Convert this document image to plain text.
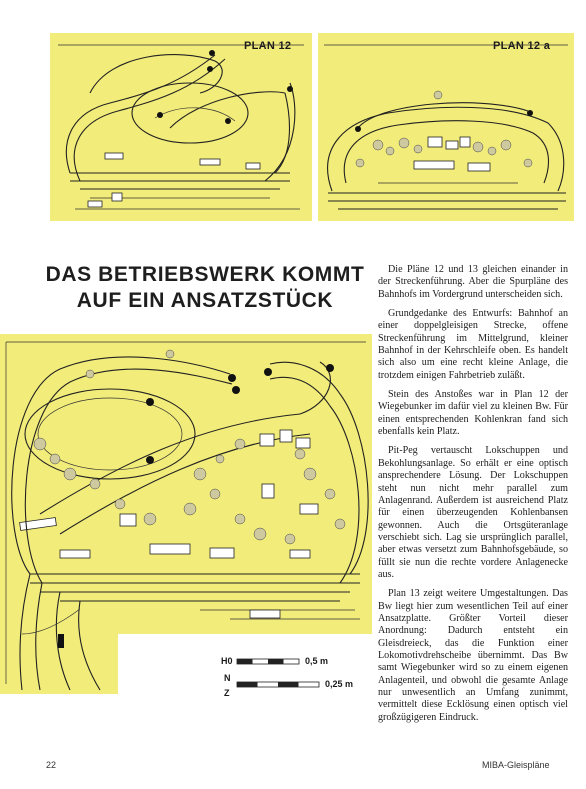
PLAN 12	PLAN 12 a
DAS BETRIEBSWERK KOMMT
AUF EIN ANSATZSTÜCK
H0	0,5 m
N
Z
0,25 m

Die Pläne 12 und 13 gleichen einander in der Streckenführung. Aber die Spurpläne des Bahnhofs im Vordergrund unterscheiden sich.

Grundgedanke des Entwurfs: Bahnhof an einer doppelgleisigen Strecke, offene Streckenführung im Mittelgrund, kleiner Bahnhof in der Kehrschleife oben. Es handelt sich also um eine recht kleine Anlage, die trotzdem einigen Fahrbetrieb zuläßt.

Stein des Anstoßes war in Plan 12 der Wiegebunker im dafür viel zu kleinen Bw. Für einen entsprechenden Kohlenkran fand sich ebenfalls kein Platz.

Pit-Peg vertauscht Lokschuppen und Bekohlungsanlage. So erhält er eine optisch ansprechendere Lösung. Der Lokschuppen steht nun nicht mehr parallel zum Anlagenrand. Außerdem ist ausreichend Platz für einen überzeugenden Kohlenbansen gewonnen. Auch die Ortsgüteranlage verschiebt sich. Lag sie ursprünglich parallel, aber etwas versetzt zum Bahnhofsgebäude, so füllt sie nun die rechte vordere Anlagenecke aus.

Plan 13 zeigt weitere Umgestaltungen. Das Bw liegt hier zum wesentlichen Teil auf einer Ansatzplatte. Größter Vorteil dieser Anordnung: Dadurch entsteht ein Gleisdreieck, das die Funktion einer Lokomotivdrehscheibe übernimmt. Das Bw samt Wiegebunker wird so zu einem eigenen Anlagenteil, und obwohl die gesamte Anlage nur unwesentlich an Umfang zunimmt, vermittelt diese Ecklösung einen optisch viel großzügigeren Eindruck.

22	MIBA-Gleispläne
